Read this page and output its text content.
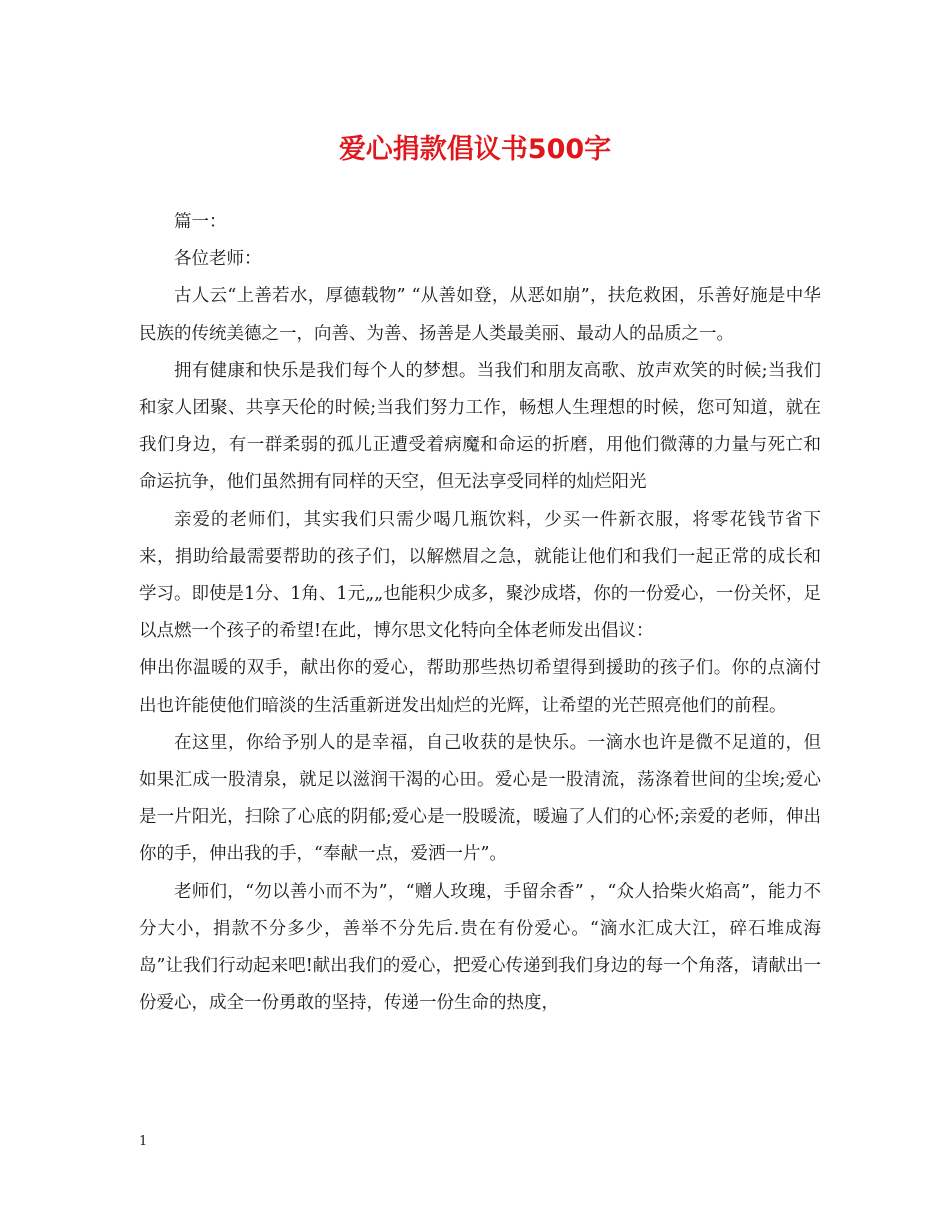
爱心捐款倡议书500字

篇一：

各位老师：

古人云“上善若水，厚德载物” “从善如登，从恶如崩”，扶危救困，乐善好施是中华民族的传统美德之一，向善、为善、扬善是人类最美丽、最动人的品质之一。

拥有健康和快乐是我们每个人的梦想。当我们和朋友高歌、放声欢笑的时候;当我们和家人团聚、共享天伦的时候;当我们努力工作，畅想人生理想的时候，您可知道，就在我们身边，有一群柔弱的孤儿正遭受着病魔和命运的折磨，用他们微薄的力量与死亡和命运抗争，他们虽然拥有同样的天空，但无法享受同样的灿烂阳光

亲爱的老师们，其实我们只需少喝几瓶饮料，少买一件新衣服，将零花钱节省下来，捐助给最需要帮助的孩子们，以解燃眉之急，就能让他们和我们一起正常的成长和学习。即使是1分、1角、1元„„也能积少成多，聚沙成塔，你的一份爱心，一份关怀，足以点燃一个孩子的希望!在此，博尔思文化特向全体老师发出倡议：

伸出你温暖的双手，献出你的爱心，帮助那些热切希望得到援助的孩子们。你的点滴付出也许能使他们暗淡的生活重新迸发出灿烂的光辉，让希望的光芒照亮他们的前程。

在这里，你给予别人的是幸福，自己收获的是快乐。一滴水也许是微不足道的，但如果汇成一股清泉，就足以滋润干渴的心田。爱心是一股清流，荡涤着世间的尘埃;爱心是一片阳光，扫除了心底的阴郁;爱心是一股暖流，暖遍了人们的心怀;亲爱的老师，伸出你的手，伸出我的手，“奉献一点，爱洒一片”。

老师们，“勿以善小而不为”，“赠人玫瑰，手留余香” ，“众人拾柴火焰高”，能力不分大小，捐款不分多少，善举不分先后.贵在有份爱心。“滴水汇成大江，碎石堆成海岛”让我们行动起来吧!献出我们的爱心，把爱心传递到我们身边的每一个角落，请献出一份爱心，成全一份勇敢的坚持，传递一份生命的热度，

1
